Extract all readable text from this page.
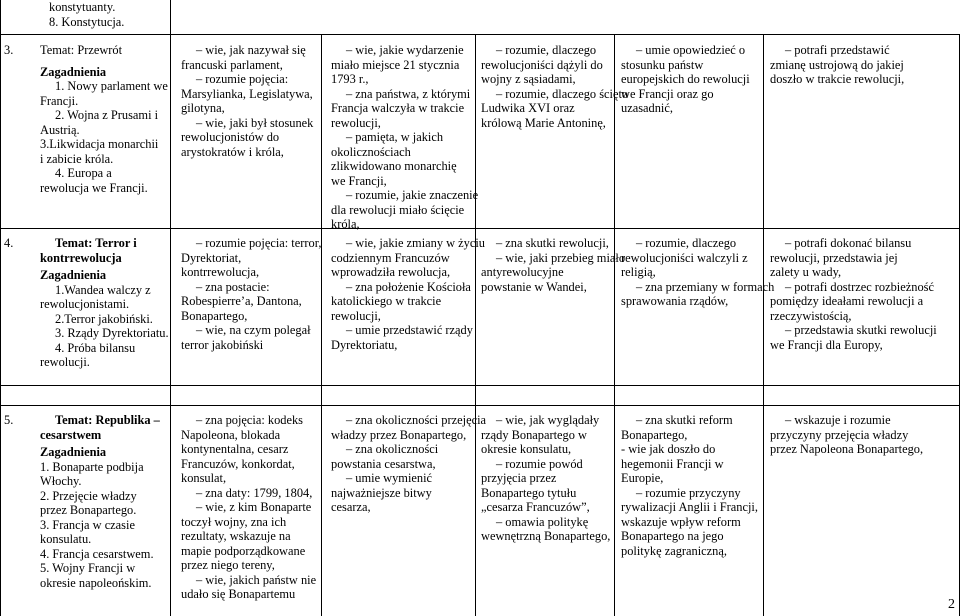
konstytuanty.
8. Konstytucja.
3. Temat: Przewrót
Zagadnienia
1. Nowy parlament we
Francji.
2. Wojna z Prusami i
Austrią.
3.Likwidacja monarchii
i zabicie króla.
4. Europa a
rewolucja we Francji.
– wie, jak nazywał się
francuski parlament,
– rozumie pojęcia:
Marsylianka, Legislatywa,
gilotyna,
– wie, jaki był stosunek
rewolucjonistów do
arystokratów i króla,
– wie, jakie wydarzenie
miało miejsce 21 stycznia
1793 r.,
– zna państwa, z którymi
Francja walczyła w trakcie
rewolucji,
– pamięta, w jakich
okolicznościach
zlikwidowano monarchię
we Francji,
– rozumie, jakie znaczenie
dla rewolucji miało ścięcie
króla,
– rozumie, dlaczego
rewolucjoniści dążyli do
wojny z sąsiadami,
– rozumie, dlaczego ścięto
Ludwika XVI oraz
królową Marie Antoninę,
– umie opowiedzieć o
stosunku państw
europejskich do rewolucji
we Francji oraz go
uzasadnić,
– potrafi przedstawić
zmianę ustrojową do jakiej
doszło w trakcie rewolucji,
4.	Temat: Terror i
kontrrewolucja
Zagadnienia
1.Wandea walczy z
rewolucjonistami.
2.Terror jakobiński.
3. Rządy Dyrektoriatu.
4. Próba bilansu
rewolucji.
– rozumie pojęcia: terror,
Dyrektoriat,
kontrrewolucja,
– zna postacie:
Robespierre’a, Dantona,
Bonapartego,
– wie, na czym polegał
terror jakobiński
– wie, jakie zmiany w życiu
codziennym Francuzów
wprowadziła rewolucja,
– zna położenie Kościoła
katolickiego w trakcie
rewolucji,
– umie przedstawić rządy
Dyrektoriatu,
– zna skutki rewolucji,
– wie, jaki przebieg miało
antyrewolucyjne
powstanie w Wandei,
– rozumie, dlaczego
rewolucjoniści walczyli z
religią,
– zna przemiany w formach
sprawowania rządów,
– potrafi dokonać bilansu
rewolucji, przedstawia jej
zalety u wady,
– potrafi dostrzec rozbieżność
pomiędzy ideałami rewolucji a
rzeczywistością,
– przedstawia skutki rewolucji
we Francji dla Europy,
5.	Temat: Republika –
cesarstwem
Zagadnienia
1. Bonaparte podbija
Włochy.
2. Przejęcie władzy
przez Bonapartego.
3. Francja w czasie
konsulatu.
4. Francja cesarstwem.
5. Wojny Francji w
okresie napoleońskim.
– zna pojęcia: kodeks
Napoleona, blokada
kontynentalna, cesarz
Francuzów, konkordat,
konsulat,
– zna daty: 1799, 1804,
– wie, z kim Bonaparte
toczył wojny, zna ich
rezultaty, wskazuje na
mapie podporządkowane
przez niego tereny,
– wie, jakich państw nie
udało się Bonapartemu
– zna okoliczności przejęcia
władzy przez Bonapartego,
– zna okoliczności
powstania cesarstwa,
– umie wymienić
najważniejsze bitwy
cesarza,
– wie, jak wyglądały
rządy Bonapartego w
okresie konsulatu,
– rozumie powód
przyjęcia przez
Bonapartego tytułu
„cesarza Francuzów”,
– omawia politykę
wewnętrzną Bonapartego,
– zna skutki reform
Bonapartego,
- wie jak doszło do
hegemonii Francji w
Europie,
– rozumie przyczyny
rywalizacji Anglii i Francji,
wskazuje wpływ reform
Bonapartego na jego
politykę zagraniczną,
– wskazuje i rozumie
przyczyny przejęcia władzy
przez Napoleona Bonapartego,
2
